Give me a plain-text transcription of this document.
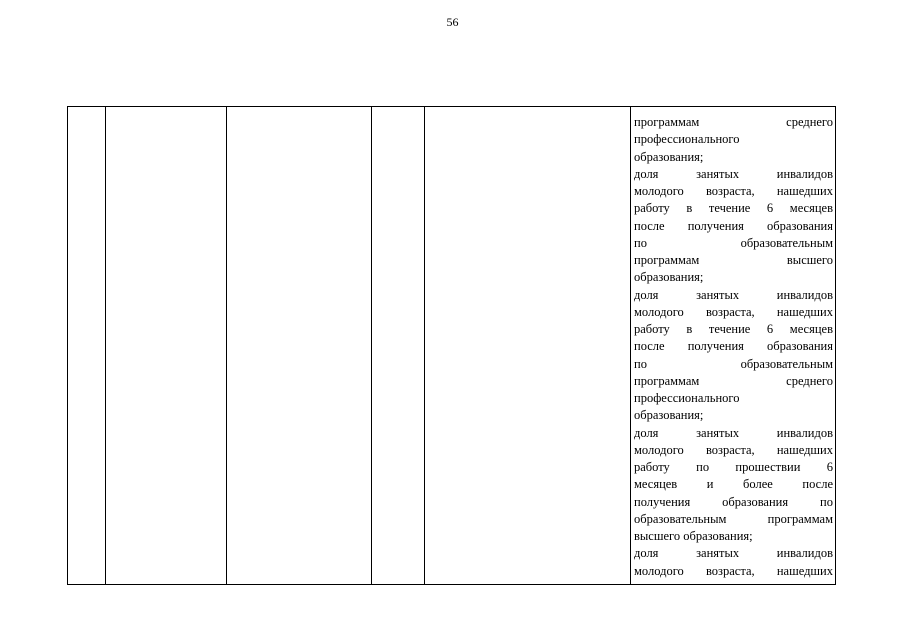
56
программам среднего
профессионального
образования;
доля занятых инвалидов
молодого возраста, нашедших
работу в течение 6 месяцев
после получения образования
по образовательным
программам высшего
образования;
доля занятых инвалидов
молодого возраста, нашедших
работу в течение 6 месяцев
после получения образования
по образовательным
программам среднего
профессионального
образования;
доля занятых инвалидов
молодого возраста, нашедших
работу по прошествии 6
месяцев и более после
получения образования по
образовательным программам
высшего образования;
доля занятых инвалидов
молодого возраста, нашедших
